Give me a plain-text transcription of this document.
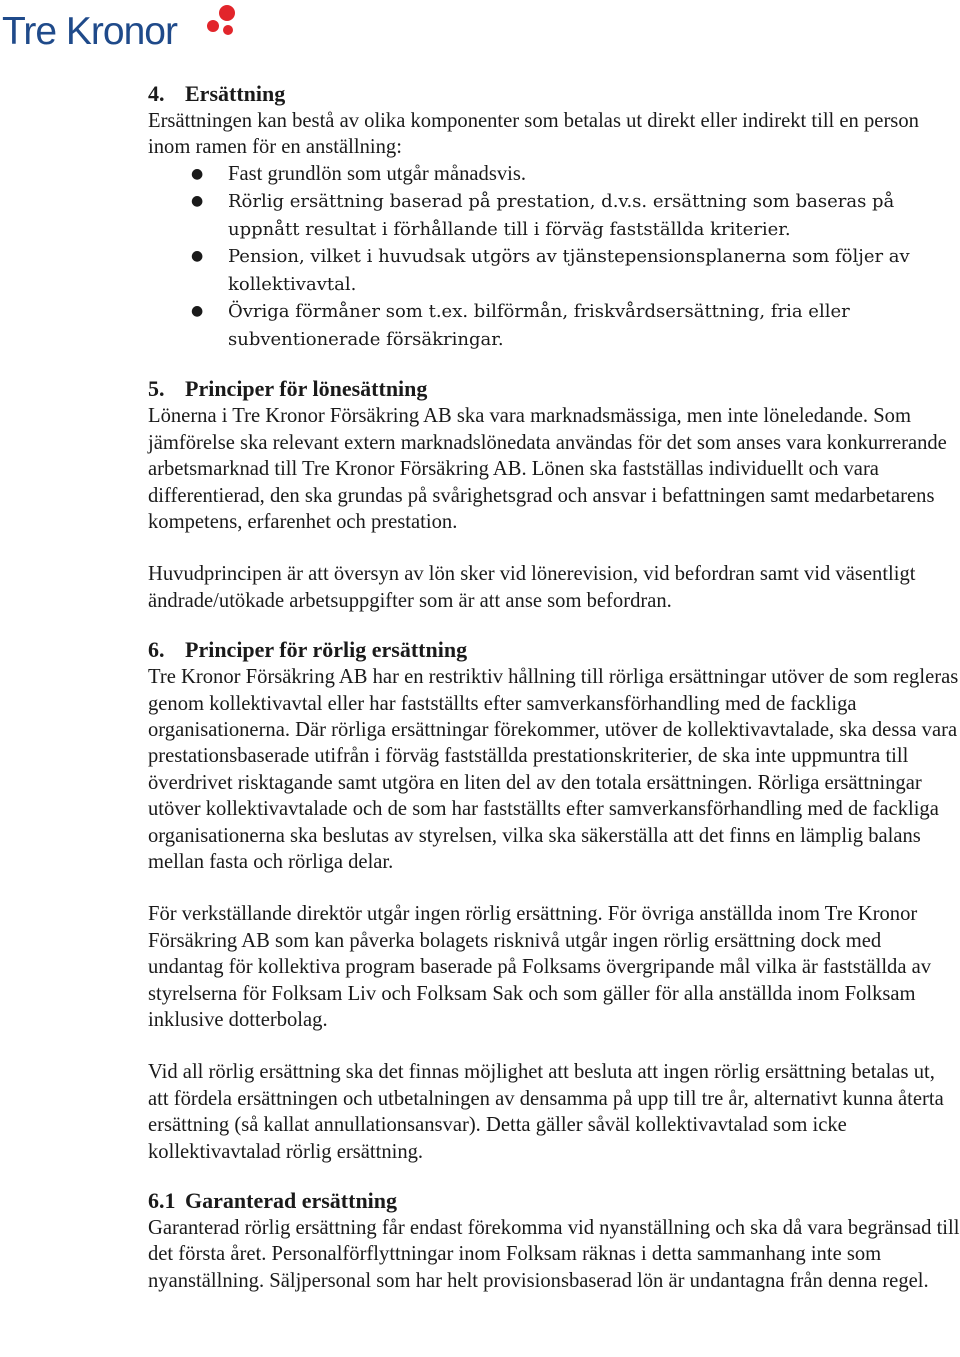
Tre Kronor
4. Ersättning

Ersättningen kan bestå av olika komponenter som betalas ut direkt eller indirekt till en person inom ramen för en anställning:

● Fast grundlön som utgår månadsvis.
● Rörlig ersättning baserad på prestation, d.v.s. ersättning som baseras på uppnått resultat i förhållande till i förväg fastställda kriterier.
● Pension, vilket i huvudsak utgörs av tjänstepensionsplanerna som följer av kollektivavtal.
● Övriga förmåner som t.ex. bilförmån, friskvårdsersättning, fria eller subventionerade försäkringar.
5. Principer för lönesättning

Lönerna i Tre Kronor Försäkring AB ska vara marknadsmässiga, men inte löneledande. Som jämförelse ska relevant extern marknadslönedata användas för det som anses vara konkurrerande arbetsmarknad till Tre Kronor Försäkring AB. Lönen ska fastställas individuellt och vara differentierad, den ska grundas på svårighetsgrad och ansvar i befattningen samt medarbetarens kompetens, erfarenhet och prestation.

Huvudprincipen är att översyn av lön sker vid lönerevision, vid befordran samt vid väsentligt ändrade/utökade arbetsuppgifter som är att anse som befordran.

6. Principer för rörlig ersättning

Tre Kronor Försäkring AB har en restriktiv hållning till rörliga ersättningar utöver de som regleras genom kollektivavtal eller har fastställts efter samverkansförhandling med de fackliga organisationerna. Där rörliga ersättningar förekommer, utöver de kollektivavtalade, ska dessa vara prestationsbaserade utifrån i förväg fastställda prestationskriterier, de ska inte uppmuntra till överdrivet risktagande samt utgöra en liten del av den totala ersättningen. Rörliga ersättningar utöver kollektivavtalade och de som har fastställts efter samverkansförhandling med de fackliga organisationerna ska beslutas av styrelsen, vilka ska säkerställa att det finns en lämplig balans mellan fasta och rörliga delar.

För verkställande direktör utgår ingen rörlig ersättning. För övriga anställda inom Tre Kronor Försäkring AB som kan påverka bolagets risknivå utgår ingen rörlig ersättning dock med undantag för kollektiva program baserade på Folksams övergripande mål vilka är fastställda av styrelserna för Folksam Liv och Folksam Sak och som gäller för alla anställda inom Folksam inklusive dotterbolag.

Vid all rörlig ersättning ska det finnas möjlighet att besluta att ingen rörlig ersättning betalas ut, att fördela ersättningen och utbetalningen av densamma på upp till tre år, alternativt kunna återta ersättning (så kallat annullationsansvar). Detta gäller såväl kollektivavtalad som icke kollektivavtalad rörlig ersättning.

6.1 Garanterad ersättning

Garanterad rörlig ersättning får endast förekomma vid nyanställning och ska då vara begränsad till det första året. Personalförflyttningar inom Folksam räknas i detta sammanhang inte som nyanställning. Säljpersonal som har helt provisionsbaserad lön är undantagna från denna regel.
